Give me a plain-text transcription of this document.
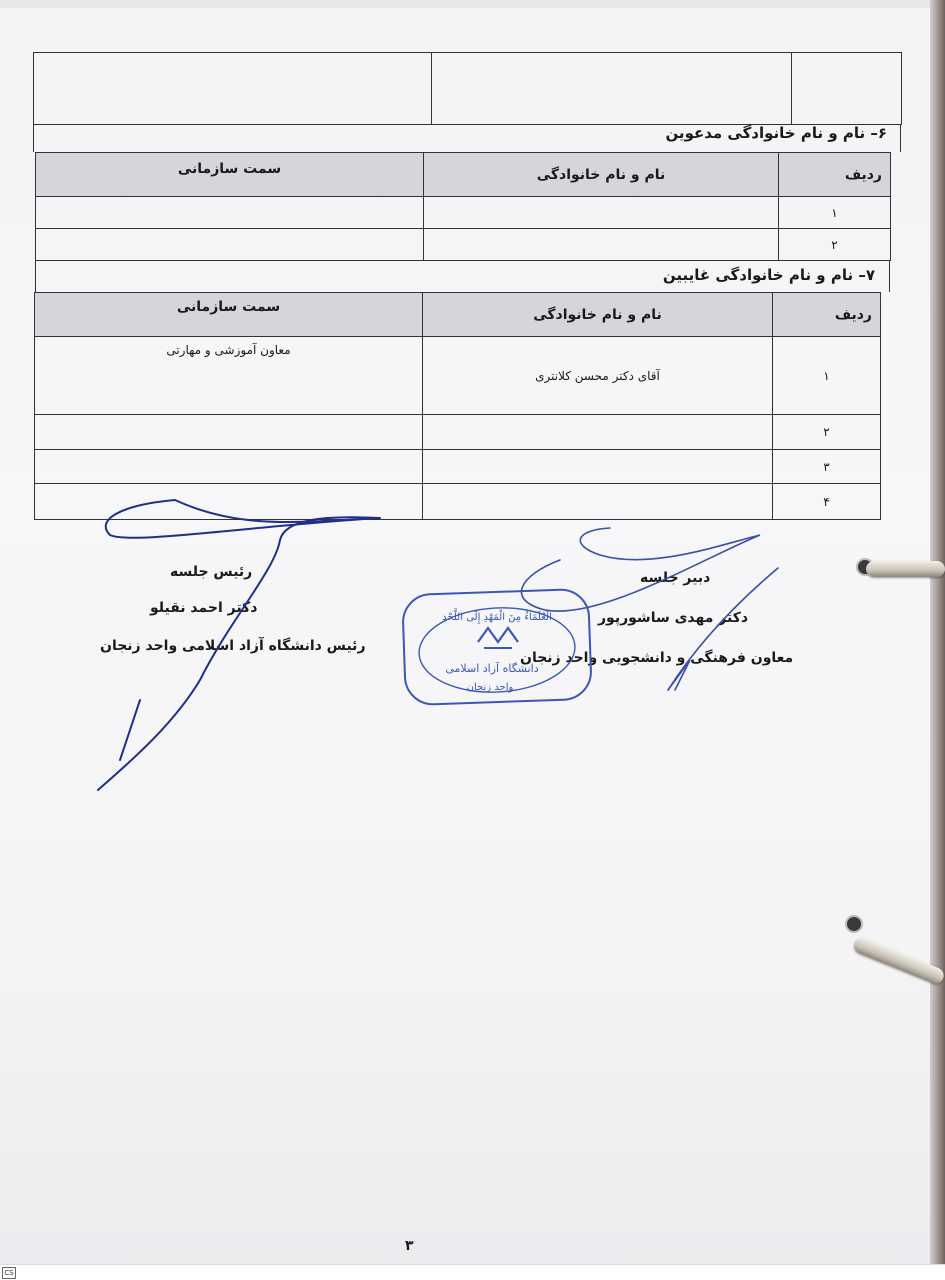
۶– نام و نام خانوادگی مدعوین
ردیف	نام و نام خانوادگی	سمت سازمانی
۱		
۲		
۷– نام و نام خانوادگی غايبين
ردیف	نام و نام خانوادگی	سمت سازمانی
۱	آقای دکتر محسن کلانتری	معاون آموزشی و مهارتی
۲		
۳		
۴		
رئیس جلسه
دکتر احمد نقیلو
رئیس دانشگاه آزاد اسلامی واحد زنجان
دبیر جلسه
دکتر مهدی ساشورپور
معاون فرهنگی و دانشجویی واحد زنجان
الْعُلَمَاءُ مِنَ الْمَهْدِ إِلَى اللَّحْدِ
دانشگاه آزاد اسلامی
واحد زنجان
۳
CS
